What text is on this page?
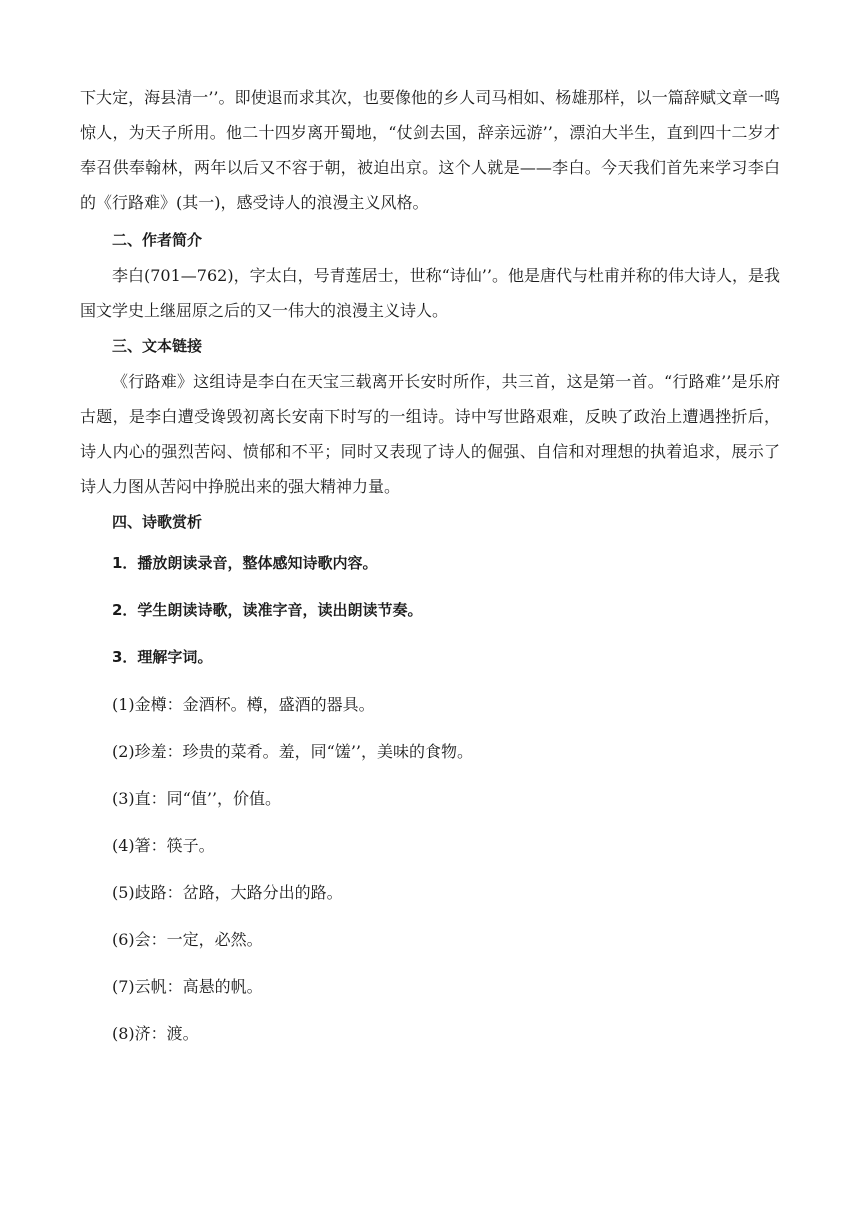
下大定，海县清一’’。即使退而求其次，也要像他的乡人司马相如、杨雄那样，以一篇辞赋文章一鸣惊人，为天子所用。他二十四岁离开蜀地，“仗剑去国，辞亲远游’’，漂泊大半生，直到四十二岁才奉召供奉翰林，两年以后又不容于朝，被迫出京。这个人就是——李白。今天我们首先来学习李白的《行路难》(其一)，感受诗人的浪漫主义风格。

二、作者简介

李白(701—762)，字太白，号青莲居士，世称“诗仙’’。他是唐代与杜甫并称的伟大诗人，是我国文学史上继屈原之后的又一伟大的浪漫主义诗人。

三、文本链接

《行路难》这组诗是李白在天宝三载离开长安时所作，共三首，这是第一首。“行路难’’是乐府古题，是李白遭受谗毁初离长安南下时写的一组诗。诗中写世路艰难，反映了政治上遭遇挫折后，诗人内心的强烈苦闷、愤郁和不平；同时又表现了诗人的倔强、自信和对理想的执着追求，展示了诗人力图从苦闷中挣脱出来的强大精神力量。

四、诗歌赏析

1．播放朗读录音，整体感知诗歌内容。

2．学生朗读诗歌，读准字音，读出朗读节奏。

3．理解字词。

(1)金樽：金酒杯。樽，盛酒的器具。

(2)珍羞：珍贵的菜肴。羞，同“馐’’，美味的食物。

(3)直：同“值’’，价值。

(4)箸：筷子。

(5)歧路：岔路，大路分出的路。

(6)会：一定，必然。

(7)云帆：高悬的帆。

(8)济：渡。
